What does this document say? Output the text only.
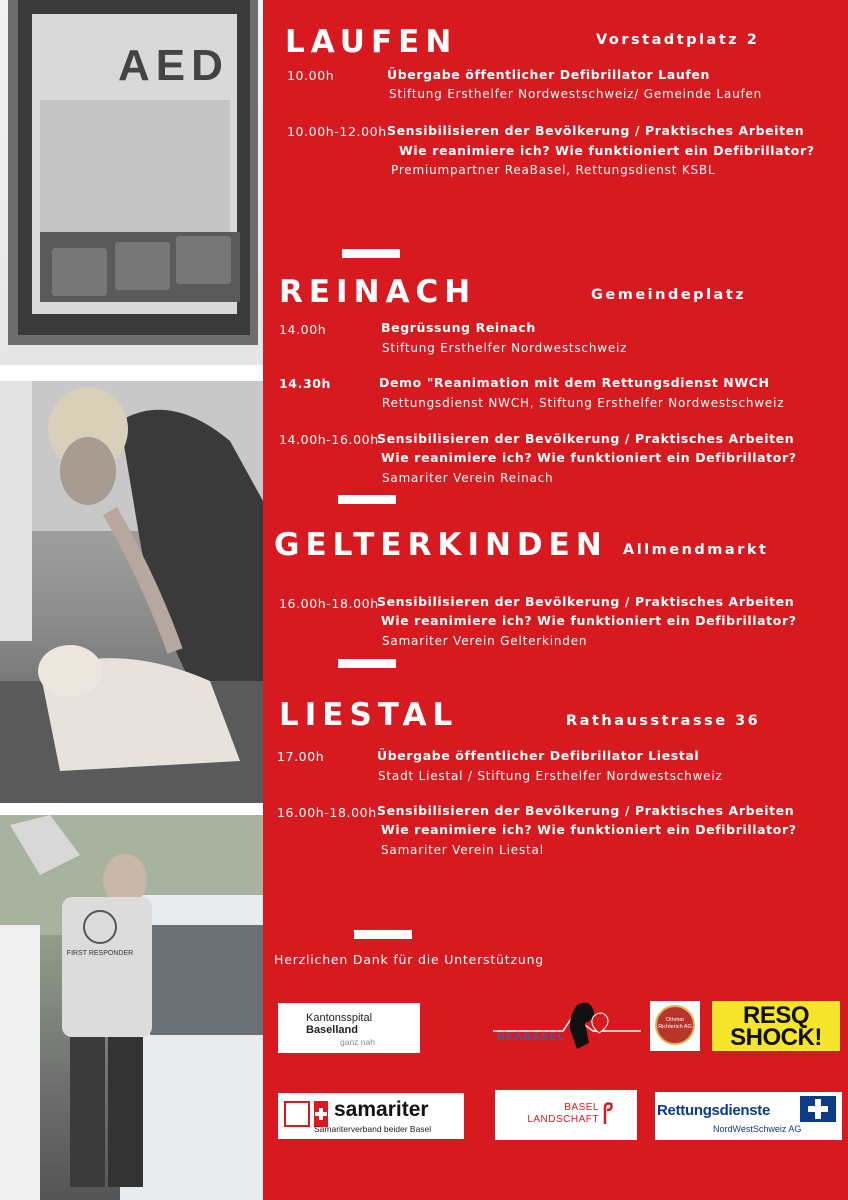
AED
FIRST RESPONDER
LAUFEN	Vorstadtplatz 2
10.00h	Übergabe öffentlicher Defibrillator Laufen
Stiftung Ersthelfer Nordwestschweiz/ Gemeinde Laufen
10.00h-12.00h Sensibilisieren der Bevölkerung / Praktisches Arbeiten
Wie reanimiere ich? Wie funktioniert ein Defibrillator?
Premiumpartner ReaBasel, Rettungsdienst KSBL
REINACH	Gemeindeplatz
14.00h	Begrüssung Reinach
Stiftung Ersthelfer Nordwestschweiz
14.30h	Demo "Reanimation mit dem Rettungsdienst NWCH
Rettungsdienst NWCH, Stiftung Ersthelfer Nordwestschweiz
14.00h-16.00h
Sensibilisieren der Bevölkerung / Praktisches Arbeiten
Wie reanimiere ich? Wie funktioniert ein Defibrillator?
Samariter Verein Reinach
GELTERKINDEN Allmendmarkt
16.00h-18.00h
Sensibilisieren der Bevölkerung / Praktisches Arbeiten
Wie reanimiere ich? Wie funktioniert ein Defibrillator?
Samariter Verein Gelterkinden
LIESTAL	Rathausstrasse 36
17.00h	Übergabe öffentlicher Defibrillator Liestal
Stadt Liestal / Stiftung Ersthelfer Nordwestschweiz
16.00h-18.00h Sensibilisieren der Bevölkerung / Praktisches Arbeiten
Wie reanimiere ich? Wie funktioniert ein Defibrillator?
Samariter Verein Liestal
Herzlichen Dank für die Unterstützung
Kantonsspital
Baselland
ganz nah	REABASEL
Othmar Richterich AG	RESQ
SHOCK!
samariter
Samariterverband beider Basel
BASEL
LANDSCHAFT
Rettungsdienste
NordWestSchweiz AG
